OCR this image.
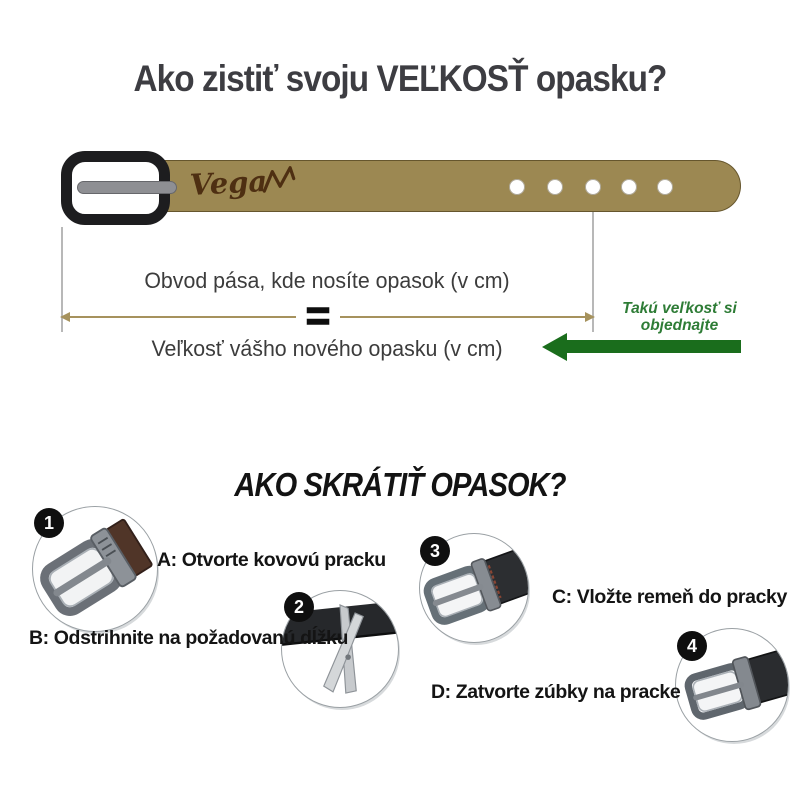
Ako zistiť svoju VEĽKOSŤ opasku?
Vega
Obvod pása, kde nosíte opasok (v cm)
=
Veľkosť vášho nového opasku (v cm)
Takú veľkosť si
objednajte
AKO SKRÁTIŤ OPASOK?
1
2
3
4
A: Otvorte kovovú pracku
B: Odstrihnite na požadovanú dĺžku
C: Vložte remeň do pracky
D: Zatvorte zúbky na pracke
